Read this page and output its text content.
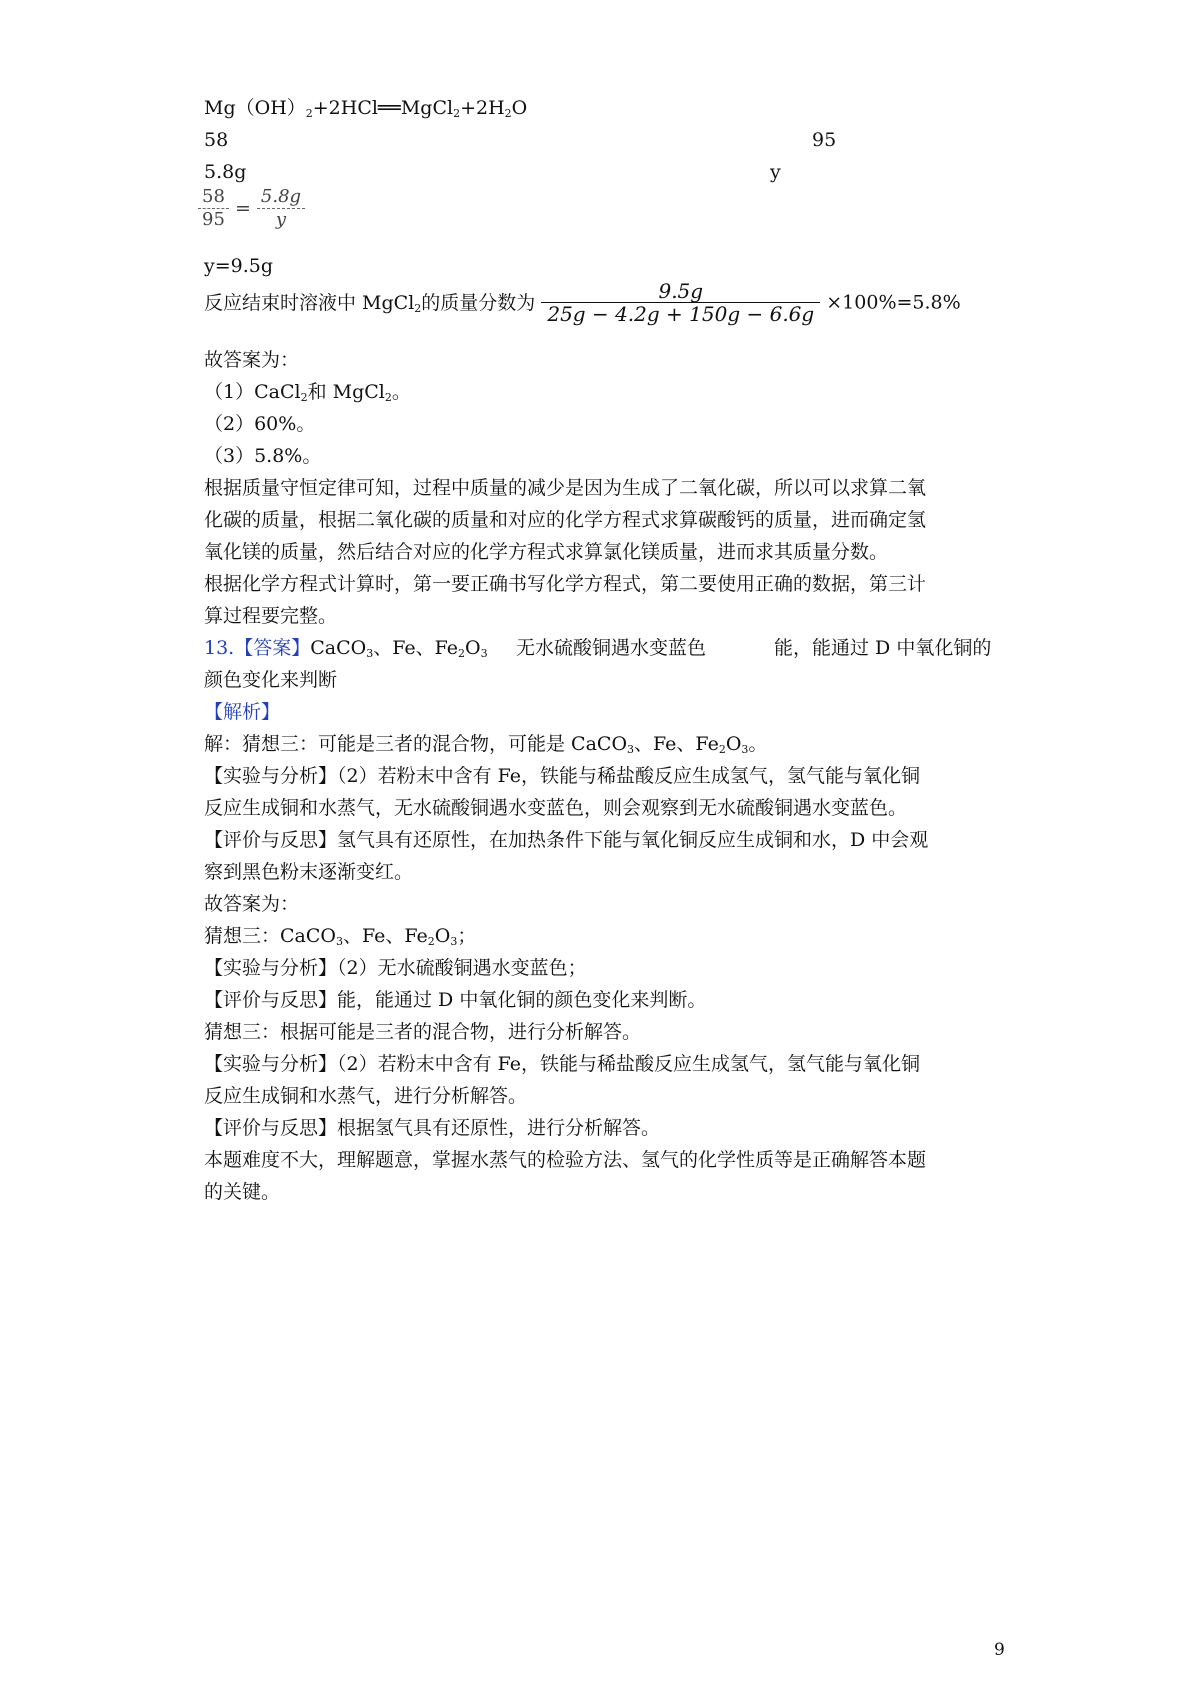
$Mg(OH)_2+2HCl══MgCl_2+2H_2O$
58	95
5.8g	y
$\frac{58}{95} = \frac{5.8g}{y}$
y=9.5g
反应结束时溶液中 MgCl$_2$的质量分数为 $\frac{9.5g}{25g - 4.2g + 150g - 6.6g} \times 100\%=5.8\%$
故答案为：
（1）CaCl$_2$和 MgCl$_2$。
（2）60%。
（3）5.8%。
根据质量守恒定律可知，过程中质量的减少是因为生成了二氧化碳，所以可以求算二氧
化碳的质量，根据二氧化碳的质量和对应的化学方程式求算碳酸钙的质量，进而确定氢
氧化镁的质量，然后结合对应的化学方程式求算氯化镁质量，进而求其质量分数。
根据化学方程式计算时，第一要正确书写化学方程式，第二要使用正确的数据，第三计
算过程要完整。
13.【答案】CaCO$_3$、Fe、$Fe_2O_3$ 无水硫酸铜遇水变蓝色	能，能通过 D 中氧化铜的
颜色变化来判断
【解析】
解：猜想三：可能是三者的混合物，可能是 CaCO$_3$、Fe、$Fe_2O_3$。
【实验与分析】（2）若粉末中含有 Fe，铁能与稀盐酸反应生成氢气，氢气能与氧化铜
反应生成铜和水蒸气，无水硫酸铜遇水变蓝色，则会观察到无水硫酸铜遇水变蓝色。
【评价与反思】氢气具有还原性，在加热条件下能与氧化铜反应生成铜和水，D 中会观
察到黑色粉末逐渐变红。
故答案为：
猜想三：CaCO$_3$、Fe、$Fe_2O_3$；
【实验与分析】（2）无水硫酸铜遇水变蓝色；
【评价与反思】能，能通过 D 中氧化铜的颜色变化来判断。
猜想三：根据可能是三者的混合物，进行分析解答。
【实验与分析】（2）若粉末中含有 Fe，铁能与稀盐酸反应生成氢气，氢气能与氧化铜
反应生成铜和水蒸气，进行分析解答。
【评价与反思】根据氢气具有还原性，进行分析解答。
本题难度不大，理解题意，掌握水蒸气的检验方法、氢气的化学性质等是正确解答本题
的关键。
9
